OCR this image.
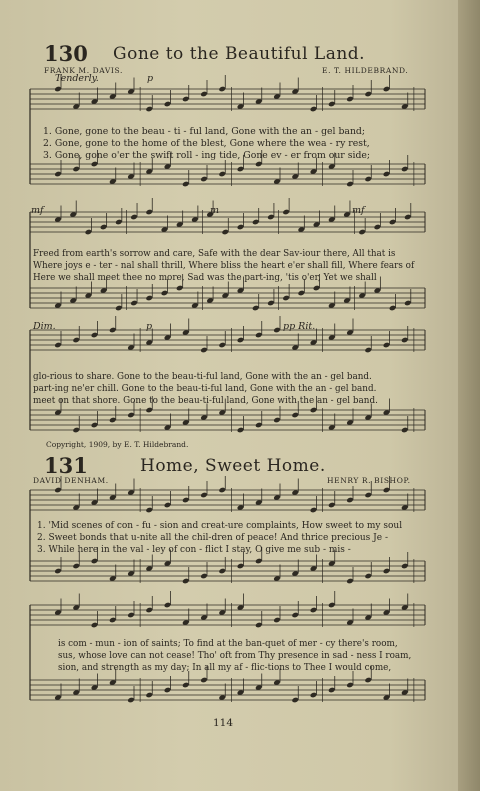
130 Gone to the Beautiful Land.
FRANK M. DAVIS.	E. T. HILDEBRAND.
Tenderly.	p
1. Gone, gone to the beau - ti - ful land, Gone with the an - gel band;
2. Gone, gone to the home of the blest, Gone where the wea - ry rest,
3. Gone, gone o'er the swift roll - ing tide, Gone ev - er from our side;
mf	m	mf
Freed from earth's sorrow and care, Safe with the dear Sav-iour there, All that is
Where joys e - ter - nal shall thrill, Where bliss the heart e'er shall fill, Where fears of
Here we shall meet thee no more, Sad was the part-ing, 'tis o'er, Yet we shall
Dim.	p	pp Rit.
glo-rious to share. Gone to the beau-ti-ful land, Gone with the an - gel band.
part-ing ne'er chill. Gone to the beau-ti-ful land, Gone with the an - gel band.
meet on that shore. Gone to the beau-ti-ful land, Gone with the an - gel band.
Copyright, 1909, by E. T. Hildebrand.
131	Home, Sweet Home.
DAVID DENHAM.	HENRY R. BISHOP.
1. 'Mid scenes of con - fu - sion and creat-ure complaints, How sweet to my soul
2. Sweet bonds that u-nite all the chil-dren of peace! And thrice precious Je -
3. While here in the val - ley of con - flict I stay, O give me sub - mis -
is com - mun - ion of saints; To find at the ban-quet of mer - cy there's room,
sus, whose love can not cease! Tho' oft from Thy presence in sad - ness I roam,
sion, and strength as my day; In all my af - flic-tions to Thee I would come,
114
